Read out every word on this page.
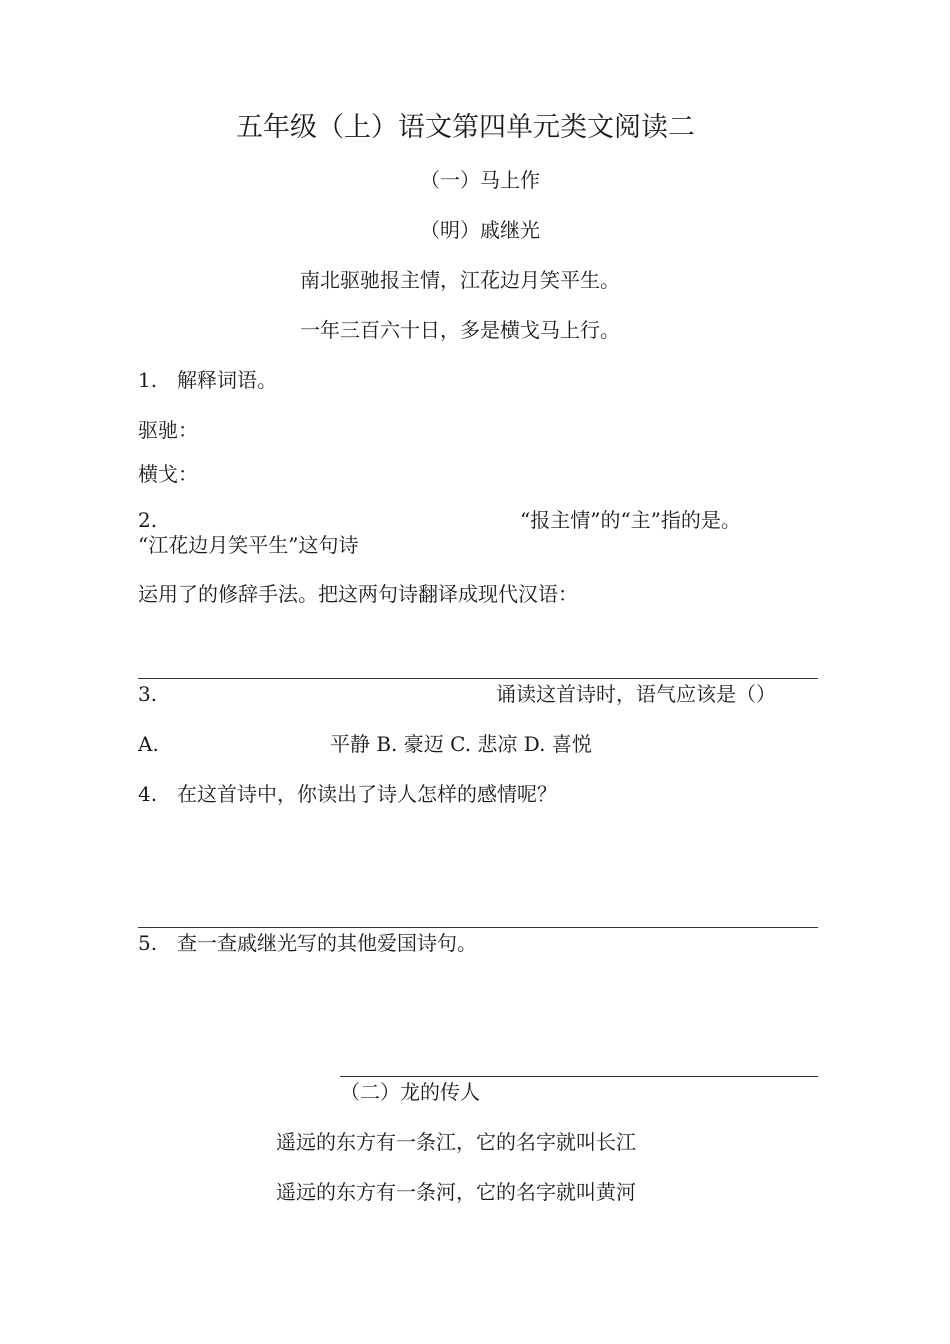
五年级（上）语文第四单元类文阅读二
（一）马上作
（明）戚继光
南北驱驰报主情，江花边月笑平生。
一年三百六十日，多是横戈马上行。
1. 解释词语。
驱驰：
横戈：
2.	“报主情”的“主”指的是。
“江花边月笑平生”这句诗
运用了的修辞手法。把这两句诗翻译成现代汉语：
3.	诵读这首诗时，语气应该是（）
A.	平静 B. 豪迈 C. 悲凉 D. 喜悦
4. 在这首诗中，你读出了诗人怎样的感情呢？
5. 查一查戚继光写的其他爱国诗句。
（二）龙的传人
遥远的东方有一条江，它的名字就叫长江
遥远的东方有一条河，它的名字就叫黄河
